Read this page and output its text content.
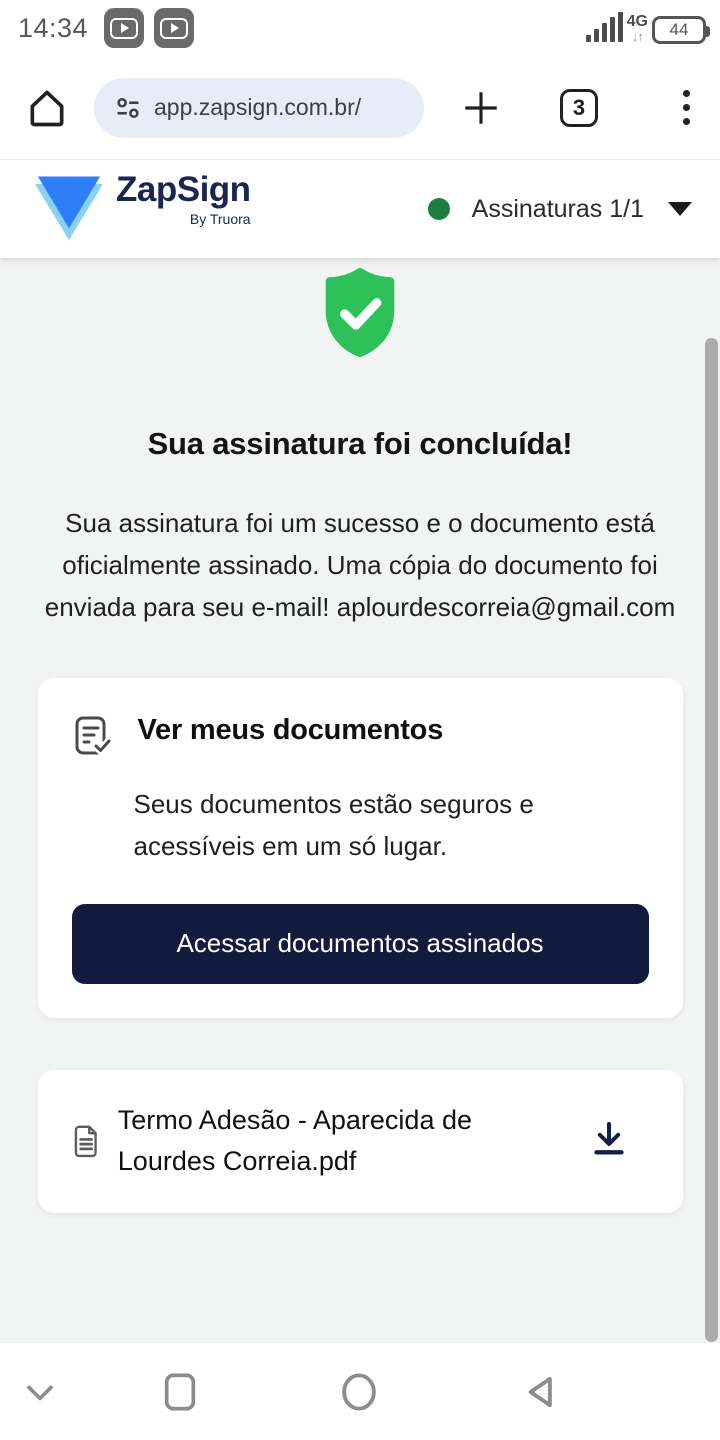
14:34	4G
↓↑ 44
app.zapsign.com.br/	3
ZapSign
By Truora	Assinaturas 1/1
Sua assinatura foi concluída!

Sua assinatura foi um sucesso e o documento está oficialmente assinado. Uma cópia do documento foi enviada para seu e-mail! aplourdescorreia@gmail.com

Ver meus documentos
Seus documentos estão seguros e acessíveis em um só lugar.
Acessar documentos assinados
Termo Adesão - Aparecida de Lourdes Correia.pdf
